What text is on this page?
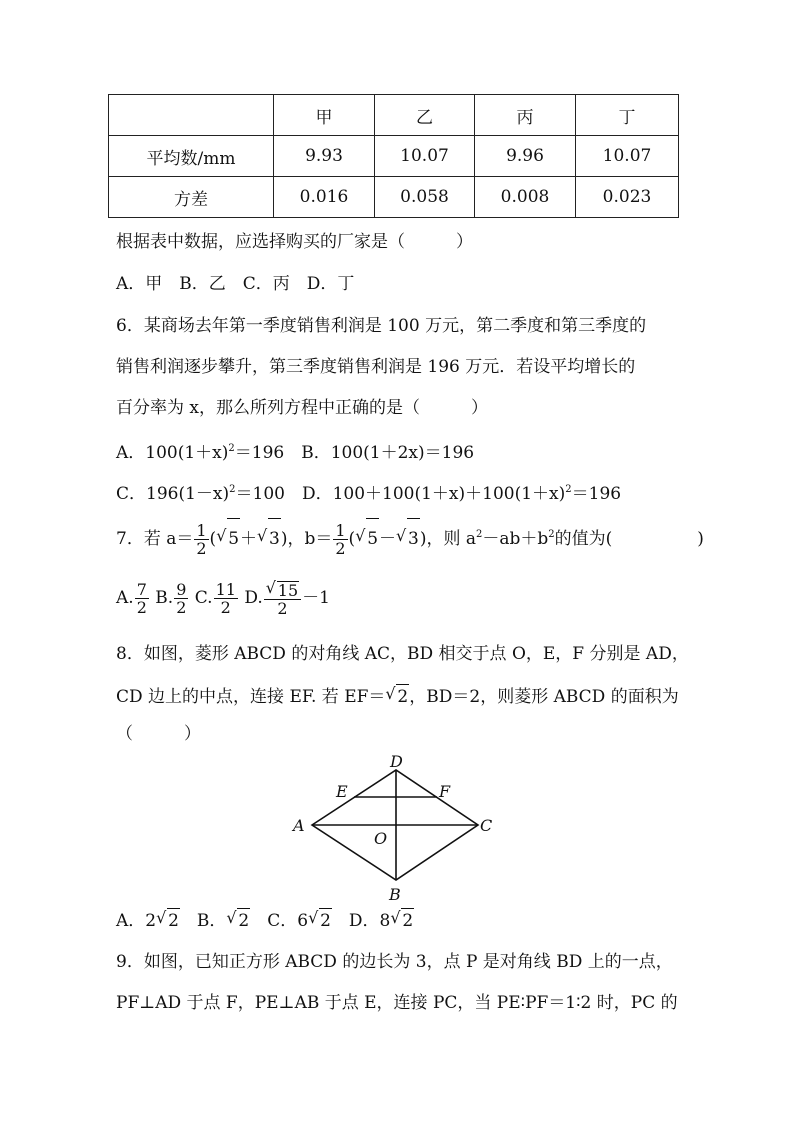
	甲	乙	丙	丁
平均数/mm	9.93	10.07	9.96	10.07
方差	0.016	0.058	0.008	0.023
根据表中数据，应选择购买的厂家是（　　　）
A．甲　B．乙　C．丙　D．丁
6．某商场去年第一季度销售利润是 100 万元，第二季度和第三季度的
销售利润逐步攀升，第三季度销售利润是 196 万元．若设平均增长的
百分率为 x，那么所列方程中正确的是（　　　）
A．$100(1+x)^2=196$　B．100(1＋2x)＝196
C．$196(1-x)^2=100$　D．$100+100(1+x)+100(1+x)^2=196$
7．若 $a= \frac{1}{2}$ ( √ 5＋ √ 3)，$b= \frac{1}{2}$ ( √ 5－ √ 3)，则 $a^2-ab+b^2$的值为(　　　　　)
A. $\frac{7}{2} B$. $\frac{9}{2} C$. $\frac{11}{2} D$. √ $\frac{15}{2} -1$
8．如图，菱形 ABCD 的对角线 AC，BD 相交于点 O，E，F 分别是 AD，
CD 边上的中点，连接 EF. 若 EF＝ √ 2，BD＝2，则菱形 ABCD 的面积为
（　　　）
D
E	F
A	C
O
B
A．2 √ 2　B． √ 2　C．6 √ 2　D．8 √ 2
9．如图，已知正方形 ABCD 的边长为 3，点 P 是对角线 BD 上的一点，
PF⊥AD 于点 F，PE⊥AB 于点 E，连接 PC，当 PE∶PF＝1∶2 时，PC 的
